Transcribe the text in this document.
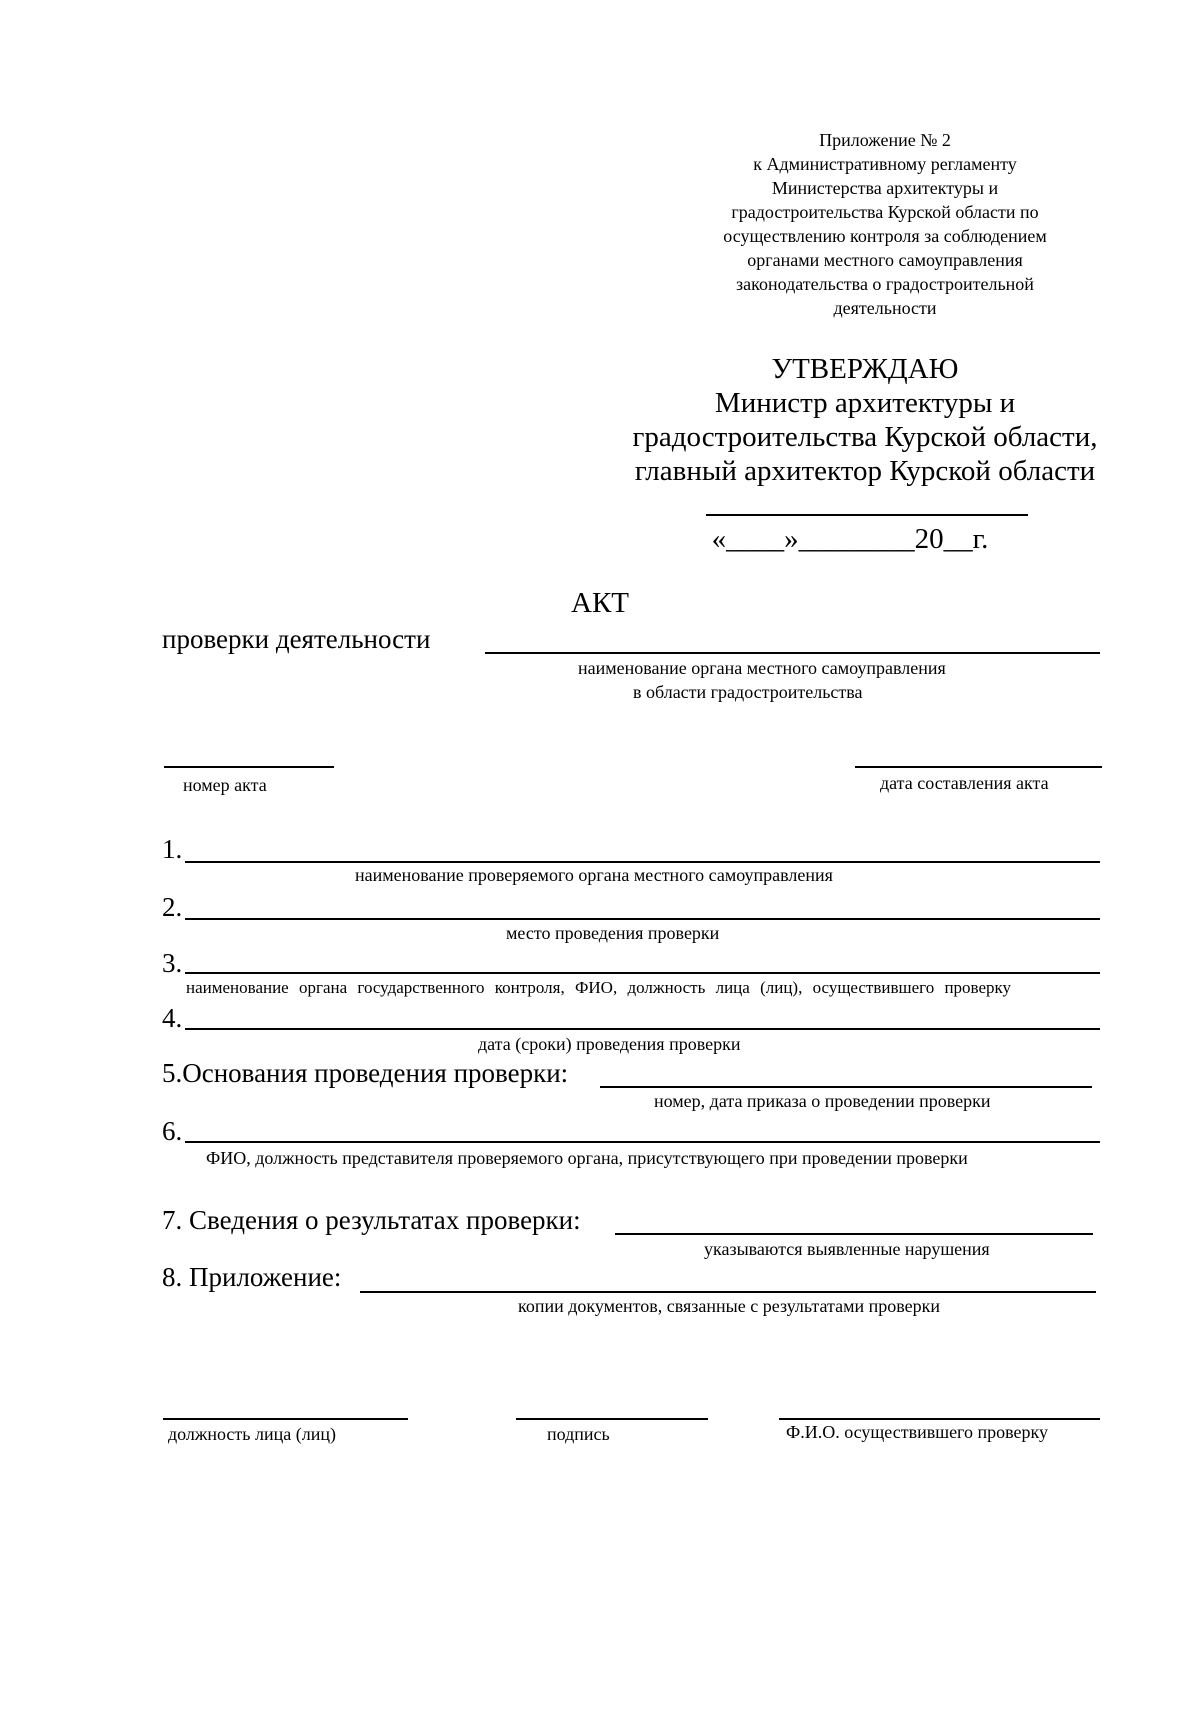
Приложение № 2
к Административному регламенту
Министерства архитектуры и
градостроительства Курской области по
осуществлению контроля за соблюдением
органами местного самоуправления
законодательства о градостроительной
деятельности
УТВЕРЖДАЮ
Министр архитектуры и
градостроительства Курской области,
главный архитектор Курской области
«____»________20__г.
АКТ
проверки деятельности
наименование органа местного самоуправления
в области градостроительства
номер акта	дата составления акта
1.
наименование проверяемого органа местного самоуправления
2.
место проведения проверки
3.
наименование органа государственного контроля, ФИО, должность лица (лиц), осуществившего проверку
4.
дата (сроки) проведения проверки
5.Основания проведения проверки:
номер, дата приказа о проведении проверки
6.
ФИО, должность представителя проверяемого органа, присутствующего при проведении проверки
7. Сведения о результатах проверки:
указываются выявленные нарушения
8. Приложение:
копии документов, связанные с результатами проверки
должность лица (лиц)	подпись	Ф.И.О. осуществившего проверку
